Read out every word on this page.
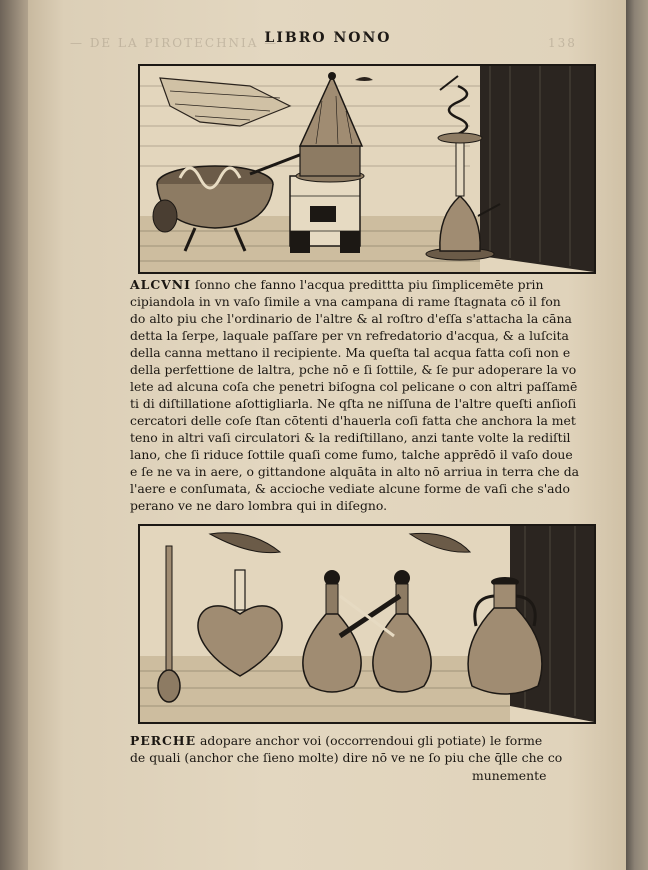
LIBRO NONO
— DE LA PIROTECHNIA —	138
ALCVNI ſonno che fanno l'acqua predittta piu ſimplicemēte prin
cipiandola in vn vaſo ſimile a vna campana di rame ſtagnata cō il fon
do alto piu che l'ordinario de l'altre & al roſtro d'eſſa s'attacha la cāna
detta la ſerpe, laquale paſſare per vn refredatorio d'acqua, & a luſcita
della canna mettano il recipiente. Ma queſta tal acqua fatta coſi non e
della perfettione de laltra, pche nō e ſi ſottile, & ſe pur adoperare la vo
lete ad alcuna coſa che penetri biſogna col pelicane o con altri paſſamē
ti di diſtillatione aſottigliarla. Ne qſta ne niſſuna de l'altre queſti anſioſi
cercatori delle coſe ſtan cōtenti d'hauerla coſi fatta che anchora la met
teno in altri vaſi circulatori & la rediſtillano, anzi tante volte la rediſtil
lano, che ſi riduce ſottile quaſi come fumo, talche apprēdō il vaſo doue
e ſe ne va in aere, o gittandone alquāta in alto nō arriua in terra che da
l'aere e conſumata, & accioche vediate alcune forme de vaſi che s'ado
perano ve ne daro lombra qui in diſegno.
PERCHE adopare anchor voi (occorrendoui gli potiate) le forme
de quali (anchor che ſieno molte) dire nō ve ne ſo piu che q̄lle che co
munemente
